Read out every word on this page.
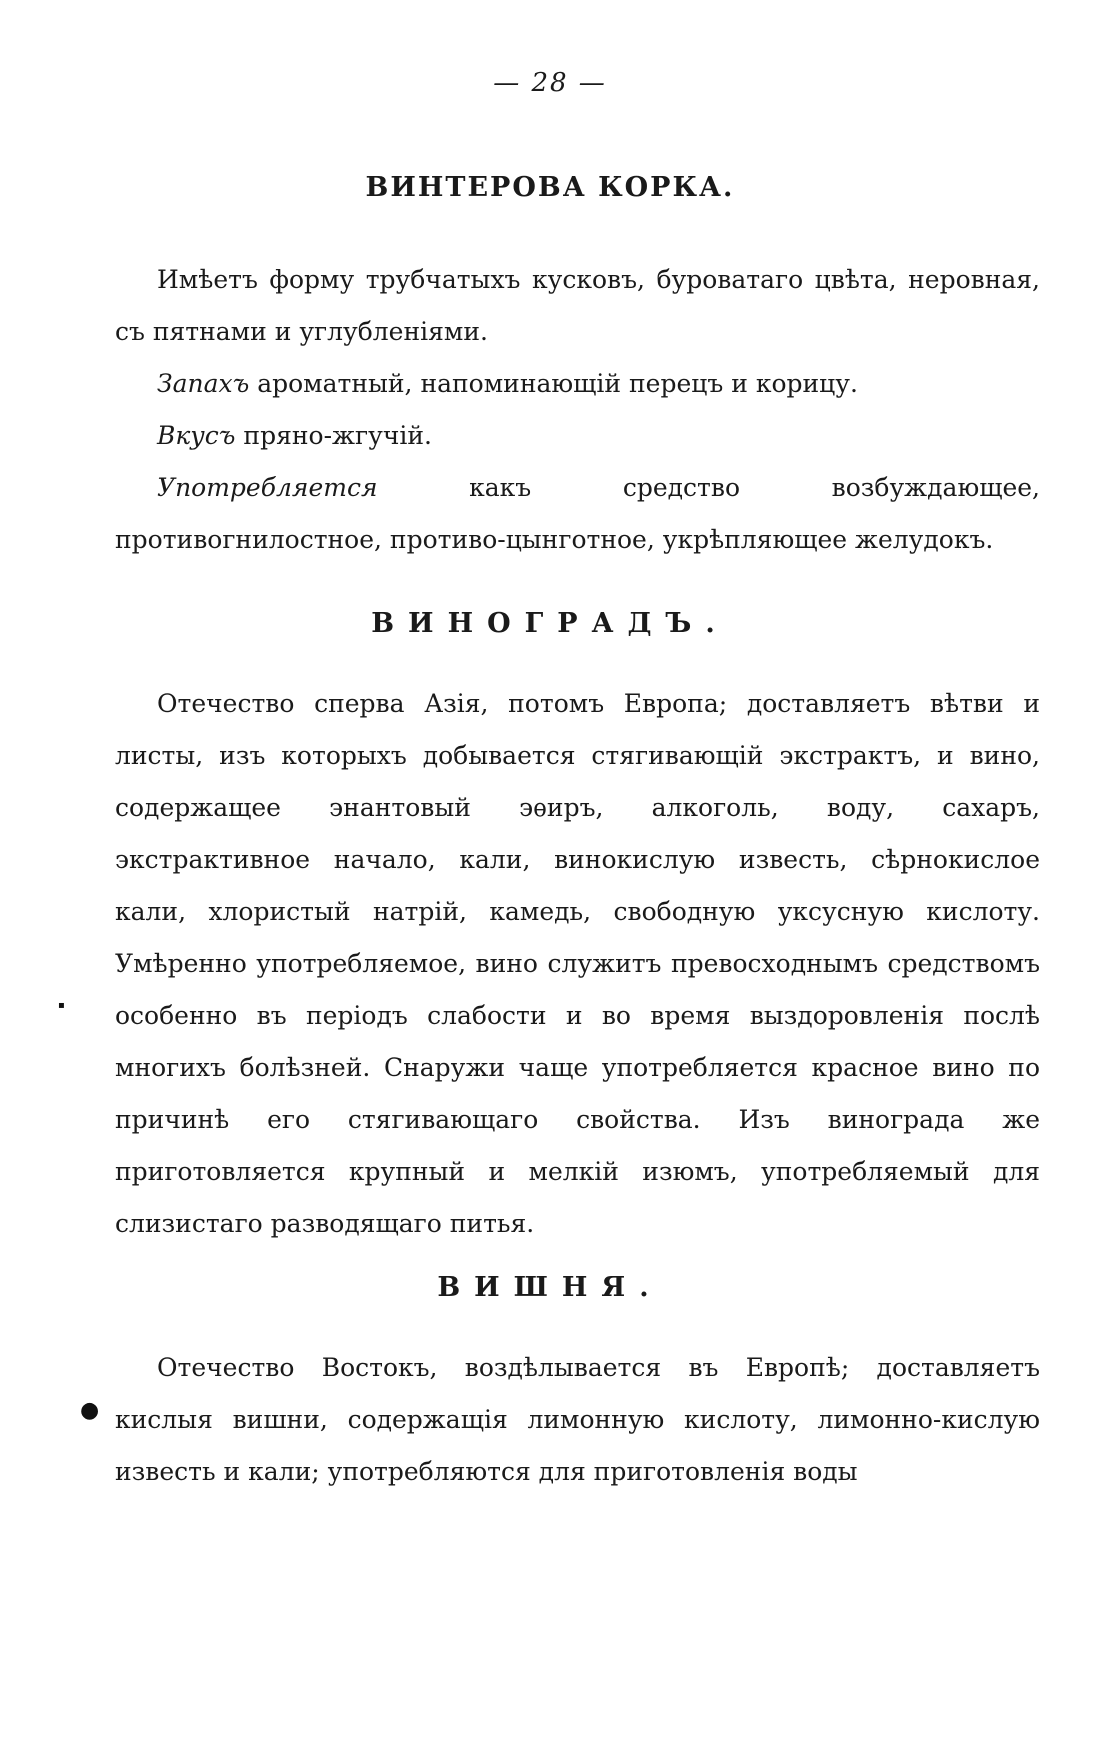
— 28 —
ВИНТЕРОВА КОРКА.

Имѣетъ форму трубчатыхъ кусковъ, буроватаго цвѣта, неровная, съ пятнами и углубленіями.

Запахъ ароматный, напоминающій перецъ и корицу.

Вкусъ пряно-жгучій.

Употребляется какъ средство возбуждающее, противогнилостное, противо-цынготное, укрѣпляющее желудокъ.

ВИНОГРАДЪ.

Отечество сперва Азія, потомъ Европа; доставляетъ вѣтви и листы, изъ которыхъ добывается стягивающій экстрактъ, и вино, содержащее энантовый эѳиръ, алкоголь, воду, сахаръ, экстрактивное начало, кали, винокислую известь, сѣрнокислое кали, хлористый натрій, камедь, свободную уксусную кислоту. Умѣренно употребляемое, вино служитъ превосходнымъ средствомъ особенно въ періодъ слабости и во время выздоровленія послѣ многихъ болѣзней. Снаружи чаще употребляется красное вино по причинѣ его стягивающаго свойства. Изъ винограда же приготовляется крупный и мелкій изюмъ, употребляемый для слизистаго разводящаго питья.

ВИШНЯ.

Отечество Востокъ, воздѣлывается въ Европѣ; доставляетъ кислыя вишни, содержащія лимонную кислоту, лимонно-кислую известь и кали; употребляются для приготовленія воды

▪
●
